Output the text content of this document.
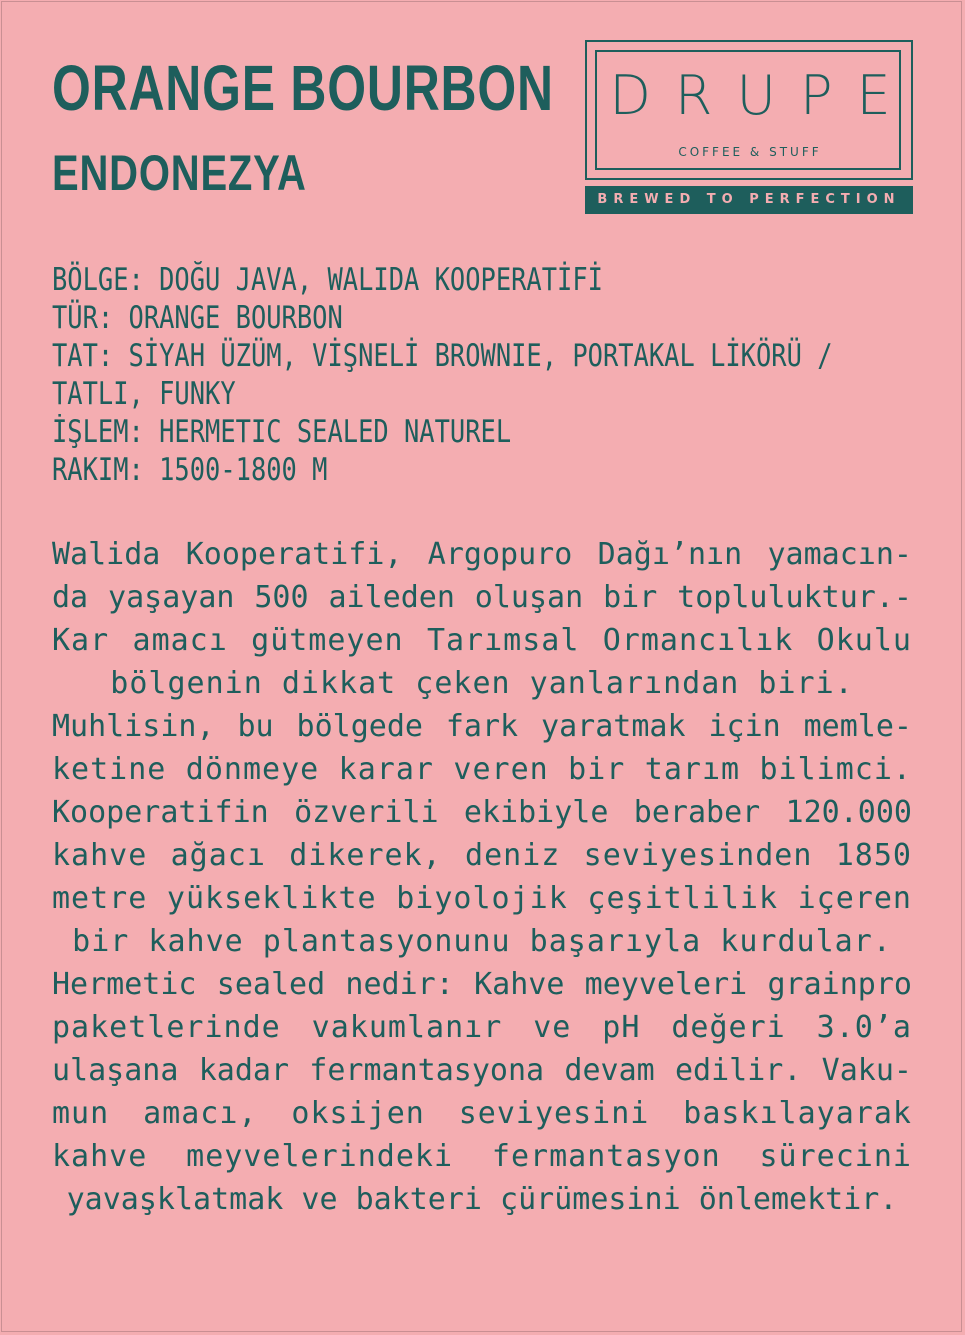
ORANGE BOURBON
ENDONEZYA
DRUPE
COFFEE & STUFF
BREWED TO PERFECTION
BÖLGE: DOĞU JAVA, WALIDA KOOPERATİFİ
TÜR: ORANGE BOURBON
TAT: SİYAH ÜZÜM, VİŞNELİ BROWNIE, PORTAKAL LİKÖRÜ /
TATLI, FUNKY
İŞLEM: HERMETIC SEALED NATUREL
RAKIM: 1500-1800 M

Walida Kooperatifi, Argopuro Dağı’nın yamacın-

da yaşayan 500 aileden oluşan bir topluluktur.-

Kar amacı gütmeyen Tarımsal Ormancılık Okulu

bölgenin dikkat çeken yanlarından biri.

Muhlisin, bu bölgede fark yaratmak için memle-

ketine dönmeye karar veren bir tarım bilimci.

Kooperatifin özverili ekibiyle beraber 120.000

kahve ağacı dikerek, deniz seviyesinden 1850

metre yükseklikte biyolojik çeşitlilik içeren

bir kahve plantasyonunu başarıyla kurdular.

Hermetic sealed nedir: Kahve meyveleri grainpro

paketlerinde vakumlanır ve pH değeri 3.0’a

ulaşana kadar fermantasyona devam edilir. Vaku-

mun amacı, oksijen seviyesini baskılayarak

kahve meyvelerindeki fermantasyon sürecini

yavaşklatmak ve bakteri çürümesini önlemektir.
